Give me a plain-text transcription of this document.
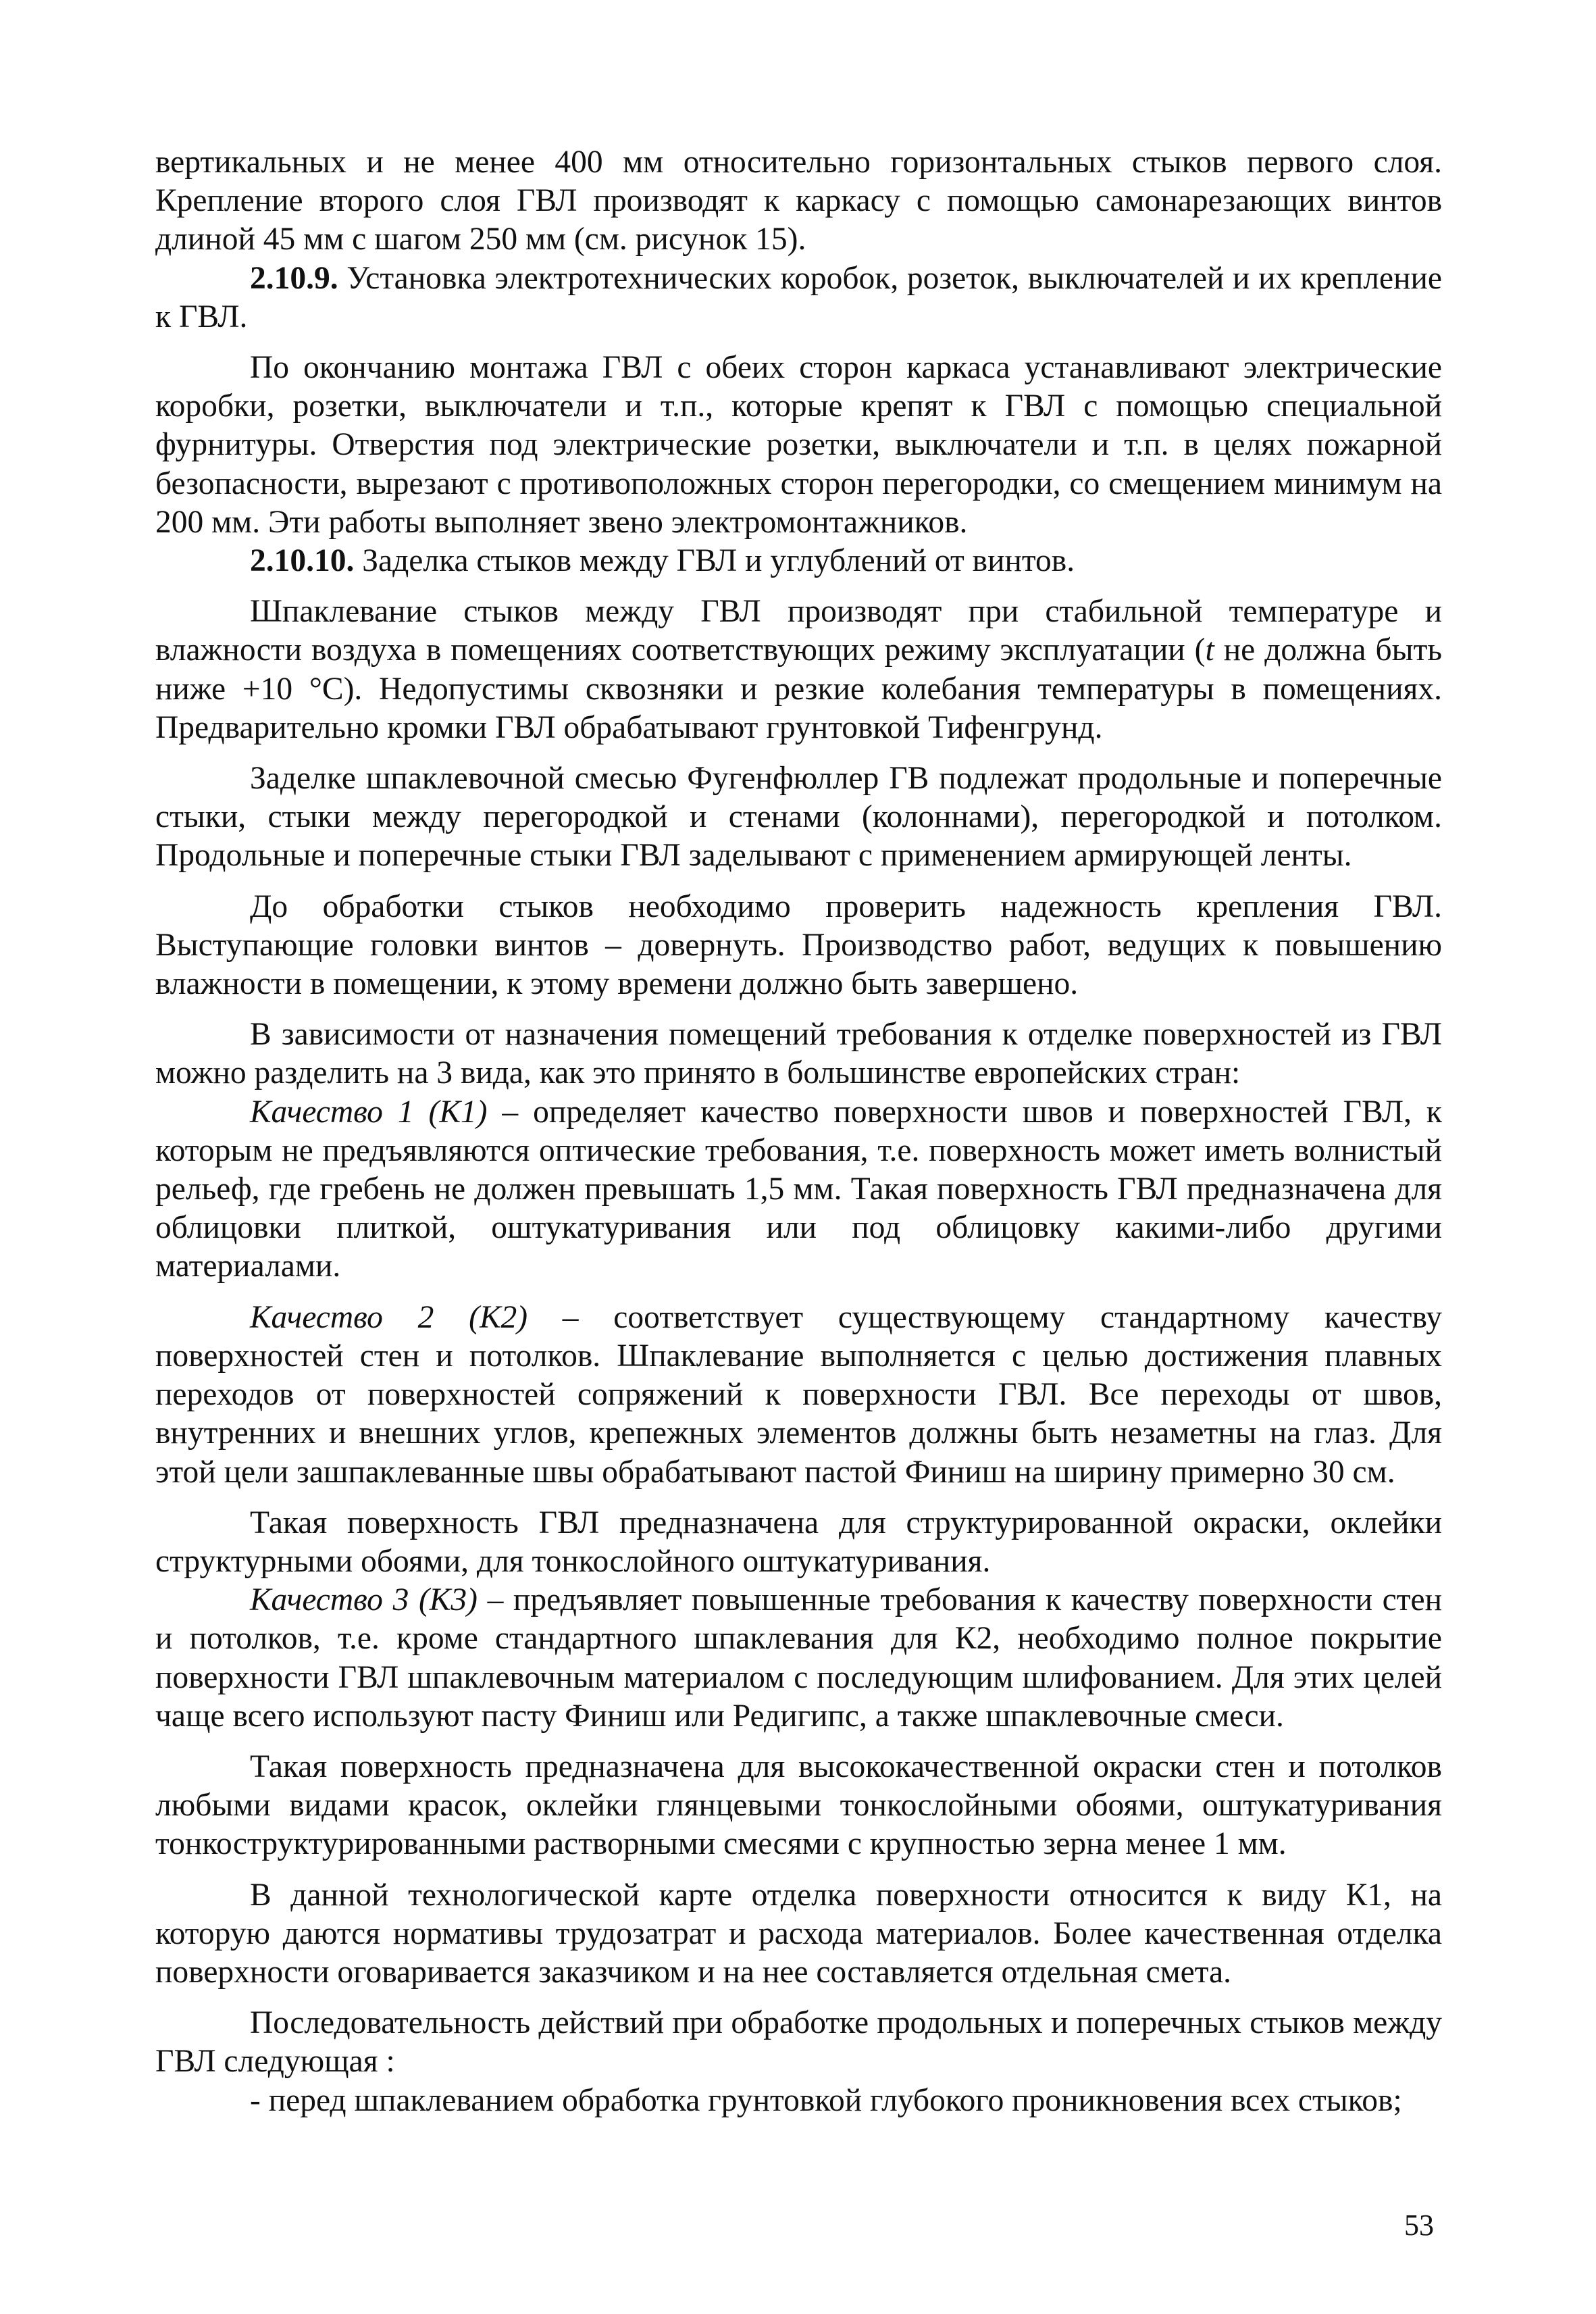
вертикальных и не менее 400 мм относительно горизонтальных стыков первого слоя. Крепление второго слоя ГВЛ производят к каркасу с помощью самонарезающих винтов длиной 45 мм с шагом 250 мм (см. рисунок 15).

2.10.9. Установка электротехнических коробок, розеток, выключателей и их крепление к ГВЛ.

По окончанию монтажа ГВЛ с обеих сторон каркаса устанавливают электрические коробки, розетки, выключатели и т.п., которые крепят к ГВЛ с помощью специальной фурнитуры. Отверстия под электрические розетки, выключатели и т.п. в целях пожарной безопасности, вырезают с противоположных сторон перегородки, со смещением минимум на 200 мм. Эти работы выполняет звено электромонтажников.

2.10.10. Заделка стыков между ГВЛ и углублений от винтов.

Шпаклевание стыков между ГВЛ производят при стабильной температуре и влажности воздуха в помещениях соответствующих режиму эксплуатации (t не должна быть ниже +10 °С). Недопустимы сквозняки и резкие колебания температуры в помещениях. Предварительно кромки ГВЛ обрабатывают грунтовкой Тифенгрунд.

Заделке шпаклевочной смесью Фугенфюллер ГВ подлежат продольные и поперечные стыки, стыки между перегородкой и стенами (колоннами), перегородкой и потолком. Продольные и поперечные стыки ГВЛ заделывают с применением армирующей ленты.

До обработки стыков необходимо проверить надежность крепления ГВЛ. Выступающие головки винтов – довернуть. Производство работ, ведущих к повышению влажности в помещении, к этому времени должно быть завершено.

В зависимости от назначения помещений требования к отделке поверхностей из ГВЛ можно разделить на 3 вида, как это принято в большинстве европейских стран:

Качество 1 (К1) – определяет качество поверхности швов и поверхностей ГВЛ, к которым не предъявляются оптические требования, т.е. поверхность может иметь волнистый рельеф, где гребень не должен превышать 1,5 мм. Такая поверхность ГВЛ предназначена для облицовки плиткой, оштукатуривания или под облицовку какими-либо другими материалами.

Качество 2 (К2) – соответствует существующему стандартному качеству поверхностей стен и потолков. Шпаклевание выполняется с целью достижения плавных переходов от поверхностей сопряжений к поверхности ГВЛ. Все переходы от швов, внутренних и внешних углов, крепежных элементов должны быть незаметны на глаз. Для этой цели зашпаклеванные швы обрабатывают пастой Финиш на ширину примерно 30 см.

Такая поверхность ГВЛ предназначена для структурированной окраски, оклейки структурными обоями, для тонкослойного оштукатуривания.

Качество 3 (К3) – предъявляет повышенные требования к качеству поверхности стен и потолков, т.е. кроме стандартного шпаклевания для К2, необходимо полное покрытие поверхности ГВЛ шпаклевочным материалом с последующим шлифованием. Для этих целей чаще всего используют пасту Финиш или Редигипс, а также шпаклевочные смеси.

Такая поверхность предназначена для высококачественной окраски стен и потолков любыми видами красок, оклейки глянцевыми тонкослойными обоями, оштукатуривания тонкоструктурированными растворными смесями с крупностью зерна менее 1 мм.

В данной технологической карте отделка поверхности относится к виду К1, на которую даются нормативы трудозатрат и расхода материалов. Более качественная отделка поверхности оговаривается заказчиком и на нее составляется отдельная смета.

Последовательность действий при обработке продольных и поперечных стыков между ГВЛ следующая :

- перед шпаклеванием обработка грунтовкой глубокого проникновения всех стыков;

53
